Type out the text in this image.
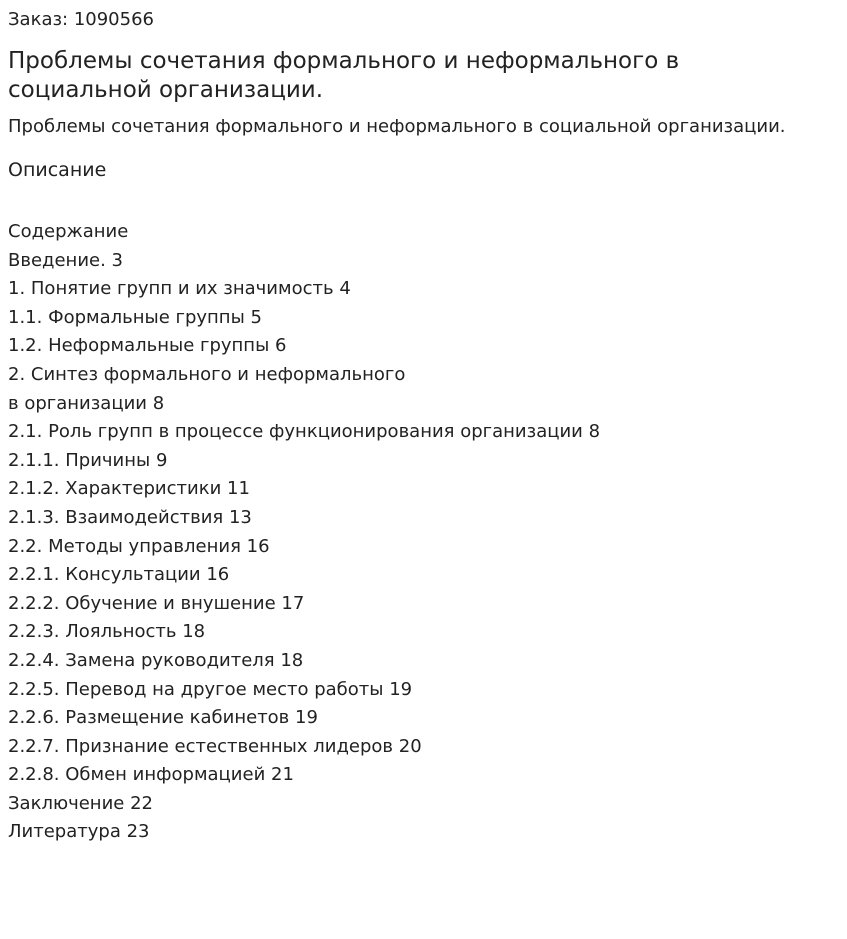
Заказ: 1090566
Проблемы сочетания формального и неформального в социальной организации.
Проблемы сочетания формального и неформального в социальной организации.
Описание
Содержание
Введение. 3
1. Понятие групп и их значимость 4
1.1. Формальные группы 5
1.2. Неформальные группы 6
2. Синтез формального и неформального
в организации 8
2.1. Роль групп в процессе функционирования организации 8
2.1.1. Причины 9
2.1.2. Характеристики 11
2.1.3. Взаимодействия 13
2.2. Методы управления 16
2.2.1. Консультации 16
2.2.2. Обучение и внушение 17
2.2.3. Лояльность 18
2.2.4. Замена руководителя 18
2.2.5. Перевод на другое место работы 19
2.2.6. Размещение кабинетов 19
2.2.7. Признание естественных лидеров 20
2.2.8. Обмен информацией 21
Заключение 22
Литература 23
